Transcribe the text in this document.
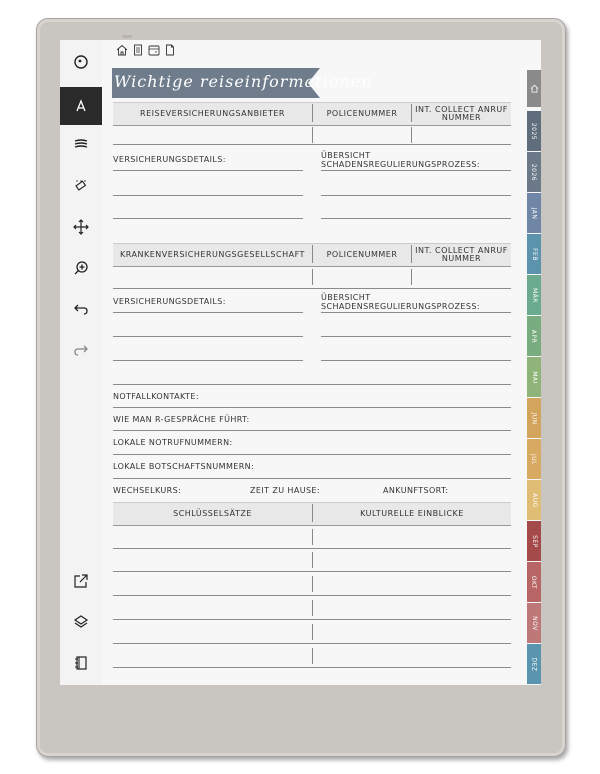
Wichtige reiseinformationen
REISEVERSICHERUNGSANBIETER	POLICENUMMER	INT. COLLECT ANRUF NUMMER
VERSICHERUNGSDETAILS:	ÜBERSICHT
SCHADENSREGULIERUNGSPROZESS:
KRANKENVERSICHERUNGSGESELLSCHAFT	POLICENUMMER	INT. COLLECT ANRUF NUMMER
VERSICHERUNGSDETAILS:	ÜBERSICHT
SCHADENSREGULIERUNGSPROZESS:
NOTFALLKONTAKTE:
WIE MAN R-GESPRÄCHE FÜHRT:
LOKALE NOTRUFNUMMERN:
LOKALE BOTSCHAFTSNUMMERN:
WECHSELKURS:	ZEIT ZU HAUSE:	ANKUNFTSORT:
SCHLÜSSELSÄTZE	KULTURELLE EINBLICKE
2025
2026
JAN
FEB
MÄR
APR
MAI
JUN
JUL
AUG
SEP
OKT
NOV
DEZ
